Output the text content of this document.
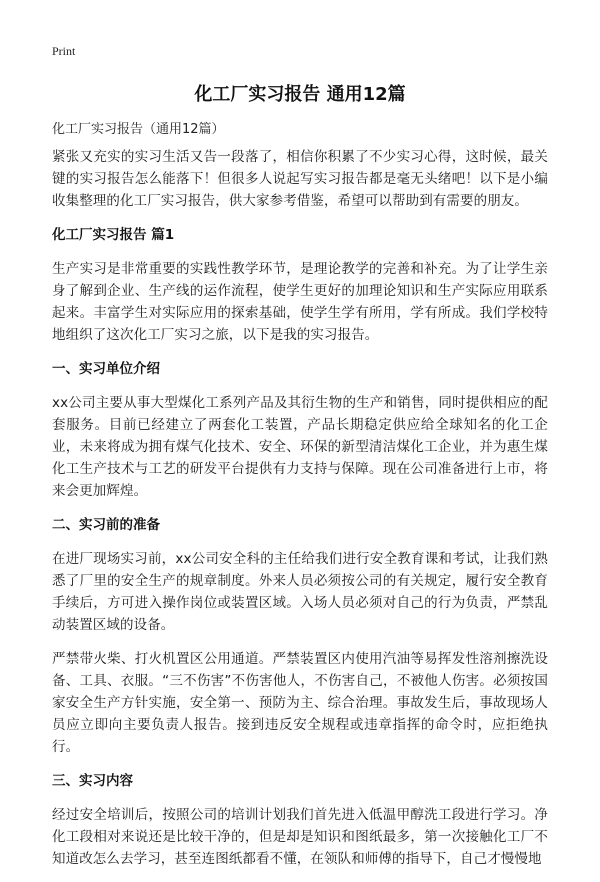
Print
化工厂实习报告 通用12篇
化工厂实习报告（通用12篇）

紧张又充实的实习生活又告一段落了，相信你积累了不少实习心得，这时候，最关键的实习报告怎么能落下！但很多人说起写实习报告都是毫无头绪吧！以下是小编收集整理的化工厂实习报告，供大家参考借鉴，希望可以帮助到有需要的朋友。

化工厂实习报告 篇1

生产实习是非常重要的实践性教学环节，是理论教学的完善和补充。为了让学生亲身了解到企业、生产线的运作流程，使学生更好的加理论知识和生产实际应用联系起来。丰富学生对实际应用的探索基础，使学生学有所用，学有所成。我们学校特地组织了这次化工厂实习之旅，以下是我的实习报告。

一、实习单位介绍

xx公司主要从事大型煤化工系列产品及其衍生物的生产和销售，同时提供相应的配套服务。目前已经建立了两套化工装置，产品长期稳定供应给全球知名的化工企业，未来将成为拥有煤气化技术、安全、环保的新型清洁煤化工企业，并为惠生煤化工生产技术与工艺的研发平台提供有力支持与保障。现在公司准备进行上市，将来会更加辉煌。

二、实习前的准备

在进厂现场实习前，xx公司安全科的主任给我们进行安全教育课和考试，让我们熟悉了厂里的安全生产的规章制度。外来人员必须按公司的有关规定，履行安全教育手续后，方可进入操作岗位或装置区域。入场人员必须对自己的行为负责，严禁乱动装置区域的设备。

严禁带火柴、打火机置区公用通道。严禁装置区内使用汽油等易挥发性溶剂擦洗设备、工具、衣服。“三不伤害”不伤害他人，不伤害自己，不被他人伤害。必须按国家安全生产方针实施，安全第一、预防为主、综合治理。事故发生后，事故现场人员应立即向主要负责人报告。接到违反安全规程或违章指挥的命令时，应拒绝执行。

三、实习内容

经过安全培训后，按照公司的培训计划我们首先进入低温甲醇洗工段进行学习。净化工段相对来说还是比较干净的，但是却是知识和图纸最多，第一次接触化工厂不知道改怎么去学习，甚至连图纸都看不懂，在领队和师傅的指导下，自己才慢慢地
